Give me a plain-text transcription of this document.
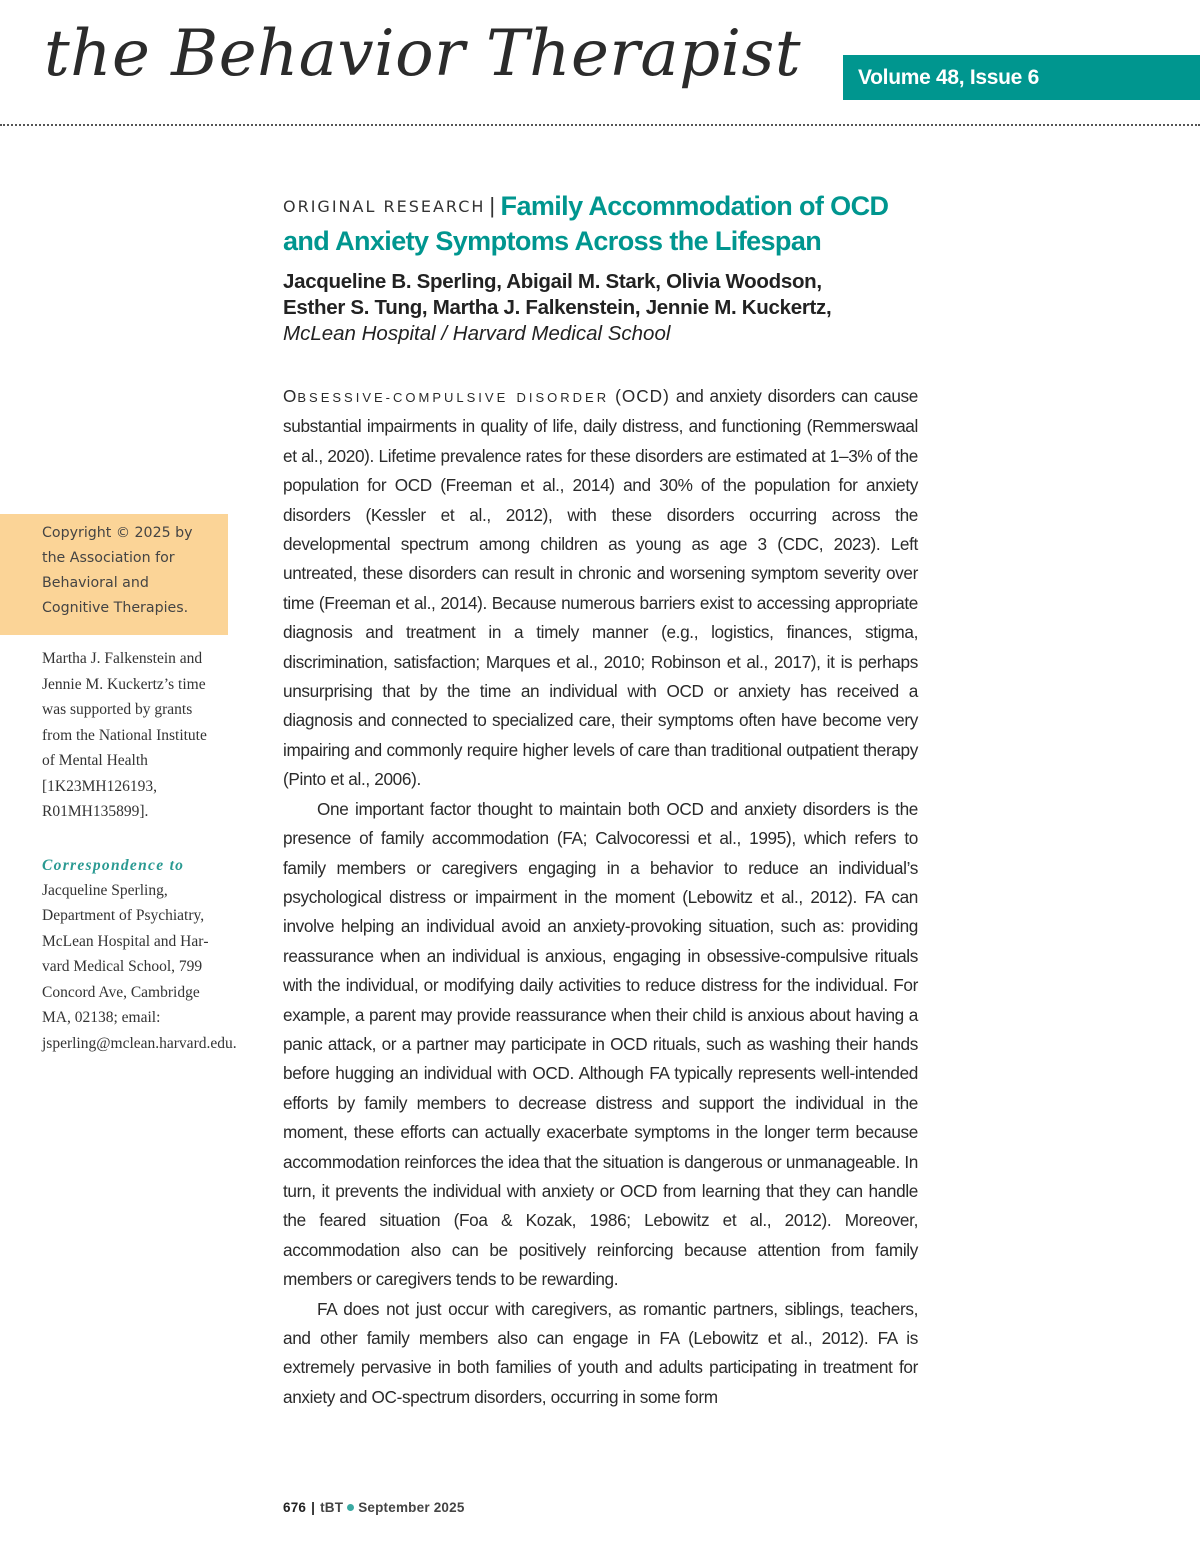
the Behavior Therapist	Volume 48, Issue 6
ORIGINAL RESEARCH | Family Accommodation of OCD
and Anxiety Symptoms Across the Lifespan
Jacqueline B. Sperling, Abigail M. Stark, Olivia Woodson,
Esther S. Tung, Martha J. Falkenstein, Jennie M. Kuckertz,
McLean Hospital / Harvard Medical School
Copyright © 2025 by the Association for Behavioral and Cognitive Therapies.
Martha J. Falkenstein and Jennie M. Kuckertz’s time was supported by grants from the National Institute of Mental Health [1K23MH126193, R01MH135899].
Correspondence to
Jacqueline Sperling, Department of Psychiatry, McLean Hospital and Harvard Medical School, 799 Concord Ave, Cambridge MA, 02138; email: jsperling@mclean.harvard.edu.

OBSESSIVE-COMPULSIVE DISORDER (OCD) and anxiety disorders can cause substantial impairments in quality of life, daily distress, and functioning (Remmerswaal et al., 2020). Lifetime prevalence rates for these disorders are estimated at 1–3% of the population for OCD (Freeman et al., 2014) and 30% of the population for anxiety disorders (Kessler et al., 2012), with these disorders occurring across the developmental spectrum among children as young as age 3 (CDC, 2023). Left untreated, these disorders can result in chronic and worsening symptom severity over time (Freeman et al., 2014). Because numerous barriers exist to accessing appropriate diagnosis and treatment in a timely manner (e.g., logistics, finances, stigma, discrimination, satisfaction; Marques et al., 2010; Robinson et al., 2017), it is perhaps unsurprising that by the time an individual with OCD or anxiety has received a diagnosis and connected to specialized care, their symptoms often have become very impairing and commonly require higher levels of care than traditional outpatient therapy (Pinto et al., 2006).

One important factor thought to maintain both OCD and anxiety disorders is the presence of family accommodation (FA; Calvocoressi et al., 1995), which refers to family members or caregivers engaging in a behavior to reduce an individual’s psychological distress or impairment in the moment (Lebowitz et al., 2012). FA can involve helping an individual avoid an anxiety-provoking situation, such as: providing reassurance when an individual is anxious, engaging in obsessive-compulsive rituals with the individual, or modifying daily activities to reduce distress for the individual. For example, a parent may provide reassurance when their child is anxious about having a panic attack, or a partner may participate in OCD rituals, such as washing their hands before hugging an individual with OCD. Although FA typically represents well-intended efforts by family members to decrease distress and support the individual in the moment, these efforts can actually exacerbate symptoms in the longer term because accommodation reinforces the idea that the situation is dangerous or unmanageable. In turn, it prevents the individual with anxiety or OCD from learning that they can handle the feared situation (Foa & Kozak, 1986; Lebowitz et al., 2012). Moreover, accommodation also can be positively reinforcing because attention from family members or caregivers tends to be rewarding.

FA does not just occur with caregivers, as romantic partners, siblings, teachers, and other family members also can engage in FA (Lebowitz et al., 2012). FA is extremely pervasive in both families of youth and adults participating in treatment for anxiety and OC-spectrum disorders, occurring in some form

676 | tBT September 2025
